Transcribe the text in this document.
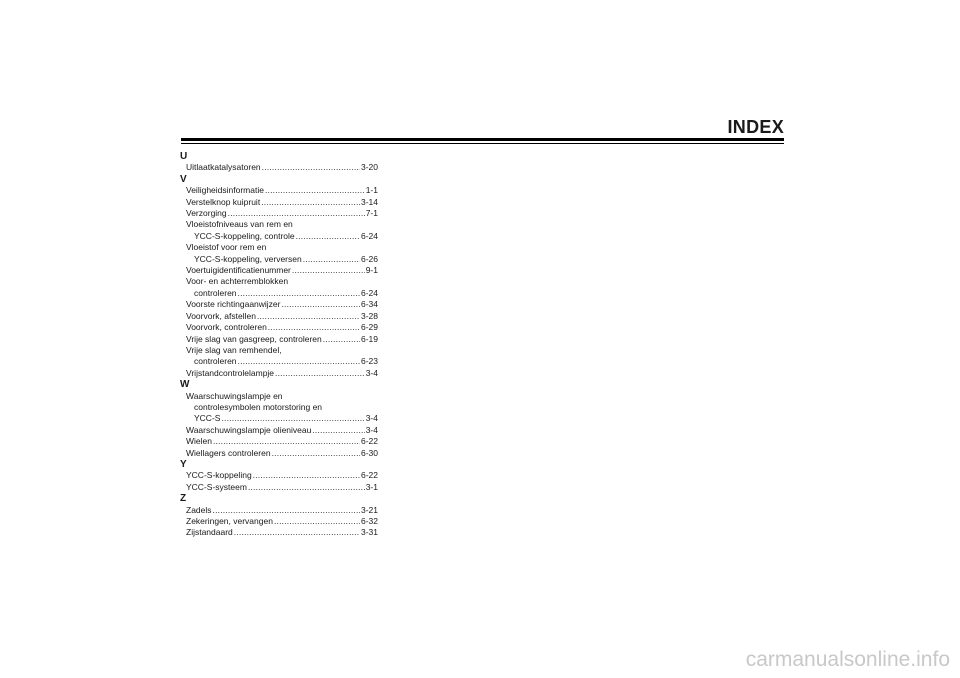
INDEX
U
Uitlaatkatalysatoren .....	3-20
V
Veiligheidsinformatie .....	1-1
Verstelknop kuipruit .....	3-14
Verzorging .....	7-1
Vloeistofniveaus van rem en
YCC-S-koppeling, controle .....	6-24
Vloeistof voor rem en
YCC-S-koppeling, verversen .....	6-26
Voertuigidentificatienummer .....	9-1
Voor- en achterremblokken
controleren .....	6-24
Voorste richtingaanwijzer .....	6-34
Voorvork, afstellen .....	3-28
Voorvork, controleren .....	6-29
Vrije slag van gasgreep, controleren .....	6-19
Vrije slag van remhendel,
controleren .....	6-23
Vrijstandcontrolelampje .....	3-4
W
Waarschuwingslampje en
controlesymbolen motorstoring en
YCC-S .....	3-4
Waarschuwingslampje olieniveau .....	3-4
Wielen .....	6-22
Wiellagers controleren .....	6-30
Y
YCC-S-koppeling .....	6-22
YCC-S-systeem .....	3-1
Z
Zadels .....	3-21
Zekeringen, vervangen .....	6-32
Zijstandaard .....	3-31
carmanualsonline.info
